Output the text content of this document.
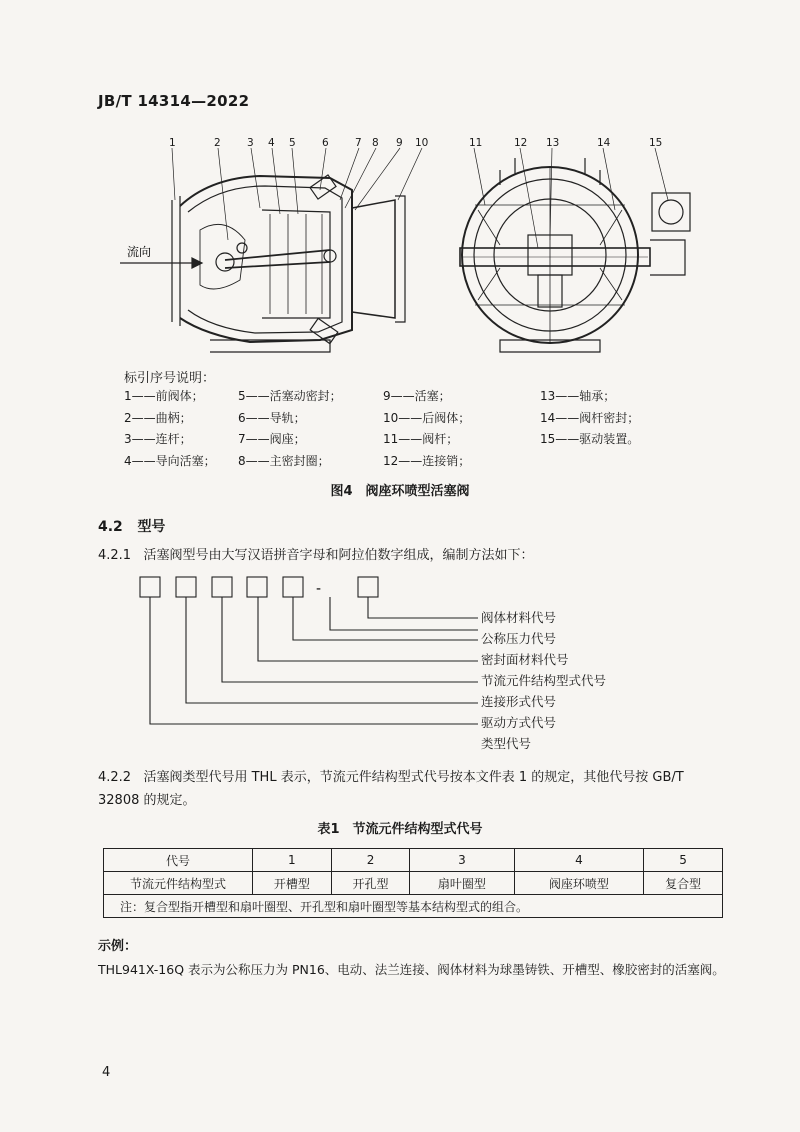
JB/T 14314—2022
流向
1	2	3 4 5	6	7 8 9 10	11	12 13	14	15
标引序号说明：
1——前阀体；
2——曲柄；
3——连杆；
4——导向活塞；
5——活塞动密封；
6——导轨；
7——阀座；
8——主密封圈；
9——活塞；
10——后阀体；
11——阀杆；
12——连接销；
13——轴承；
14——阀杆密封；
15——驱动装置。
图4　阀座环喷型活塞阀
4.2 型号
4.2.1 活塞阀型号由大写汉语拼音字母和阿拉伯数字组成，编制方法如下：
-
阀体材料代号
公称压力代号
密封面材料代号
节流元件结构型式代号
连接形式代号
驱动方式代号
类型代号
4.2.2 活塞阀类型代号用 THL 表示，节流元件结构型式代号按本文件表 1 的规定，其他代号按 GB/T
32808 的规定。
表1　节流元件结构型式代号
代号	1	2	3	4	5
节流元件结构型式	开槽型	开孔型	扇叶圈型	阀座环喷型	复合型
注：复合型指开槽型和扇叶圈型、开孔型和扇叶圈型等基本结构型式的组合。					
示例：
THL941X-16Q 表示为公称压力为 PN16、电动、法兰连接、阀体材料为球墨铸铁、开槽型、橡胶密封的活塞阀。
4
